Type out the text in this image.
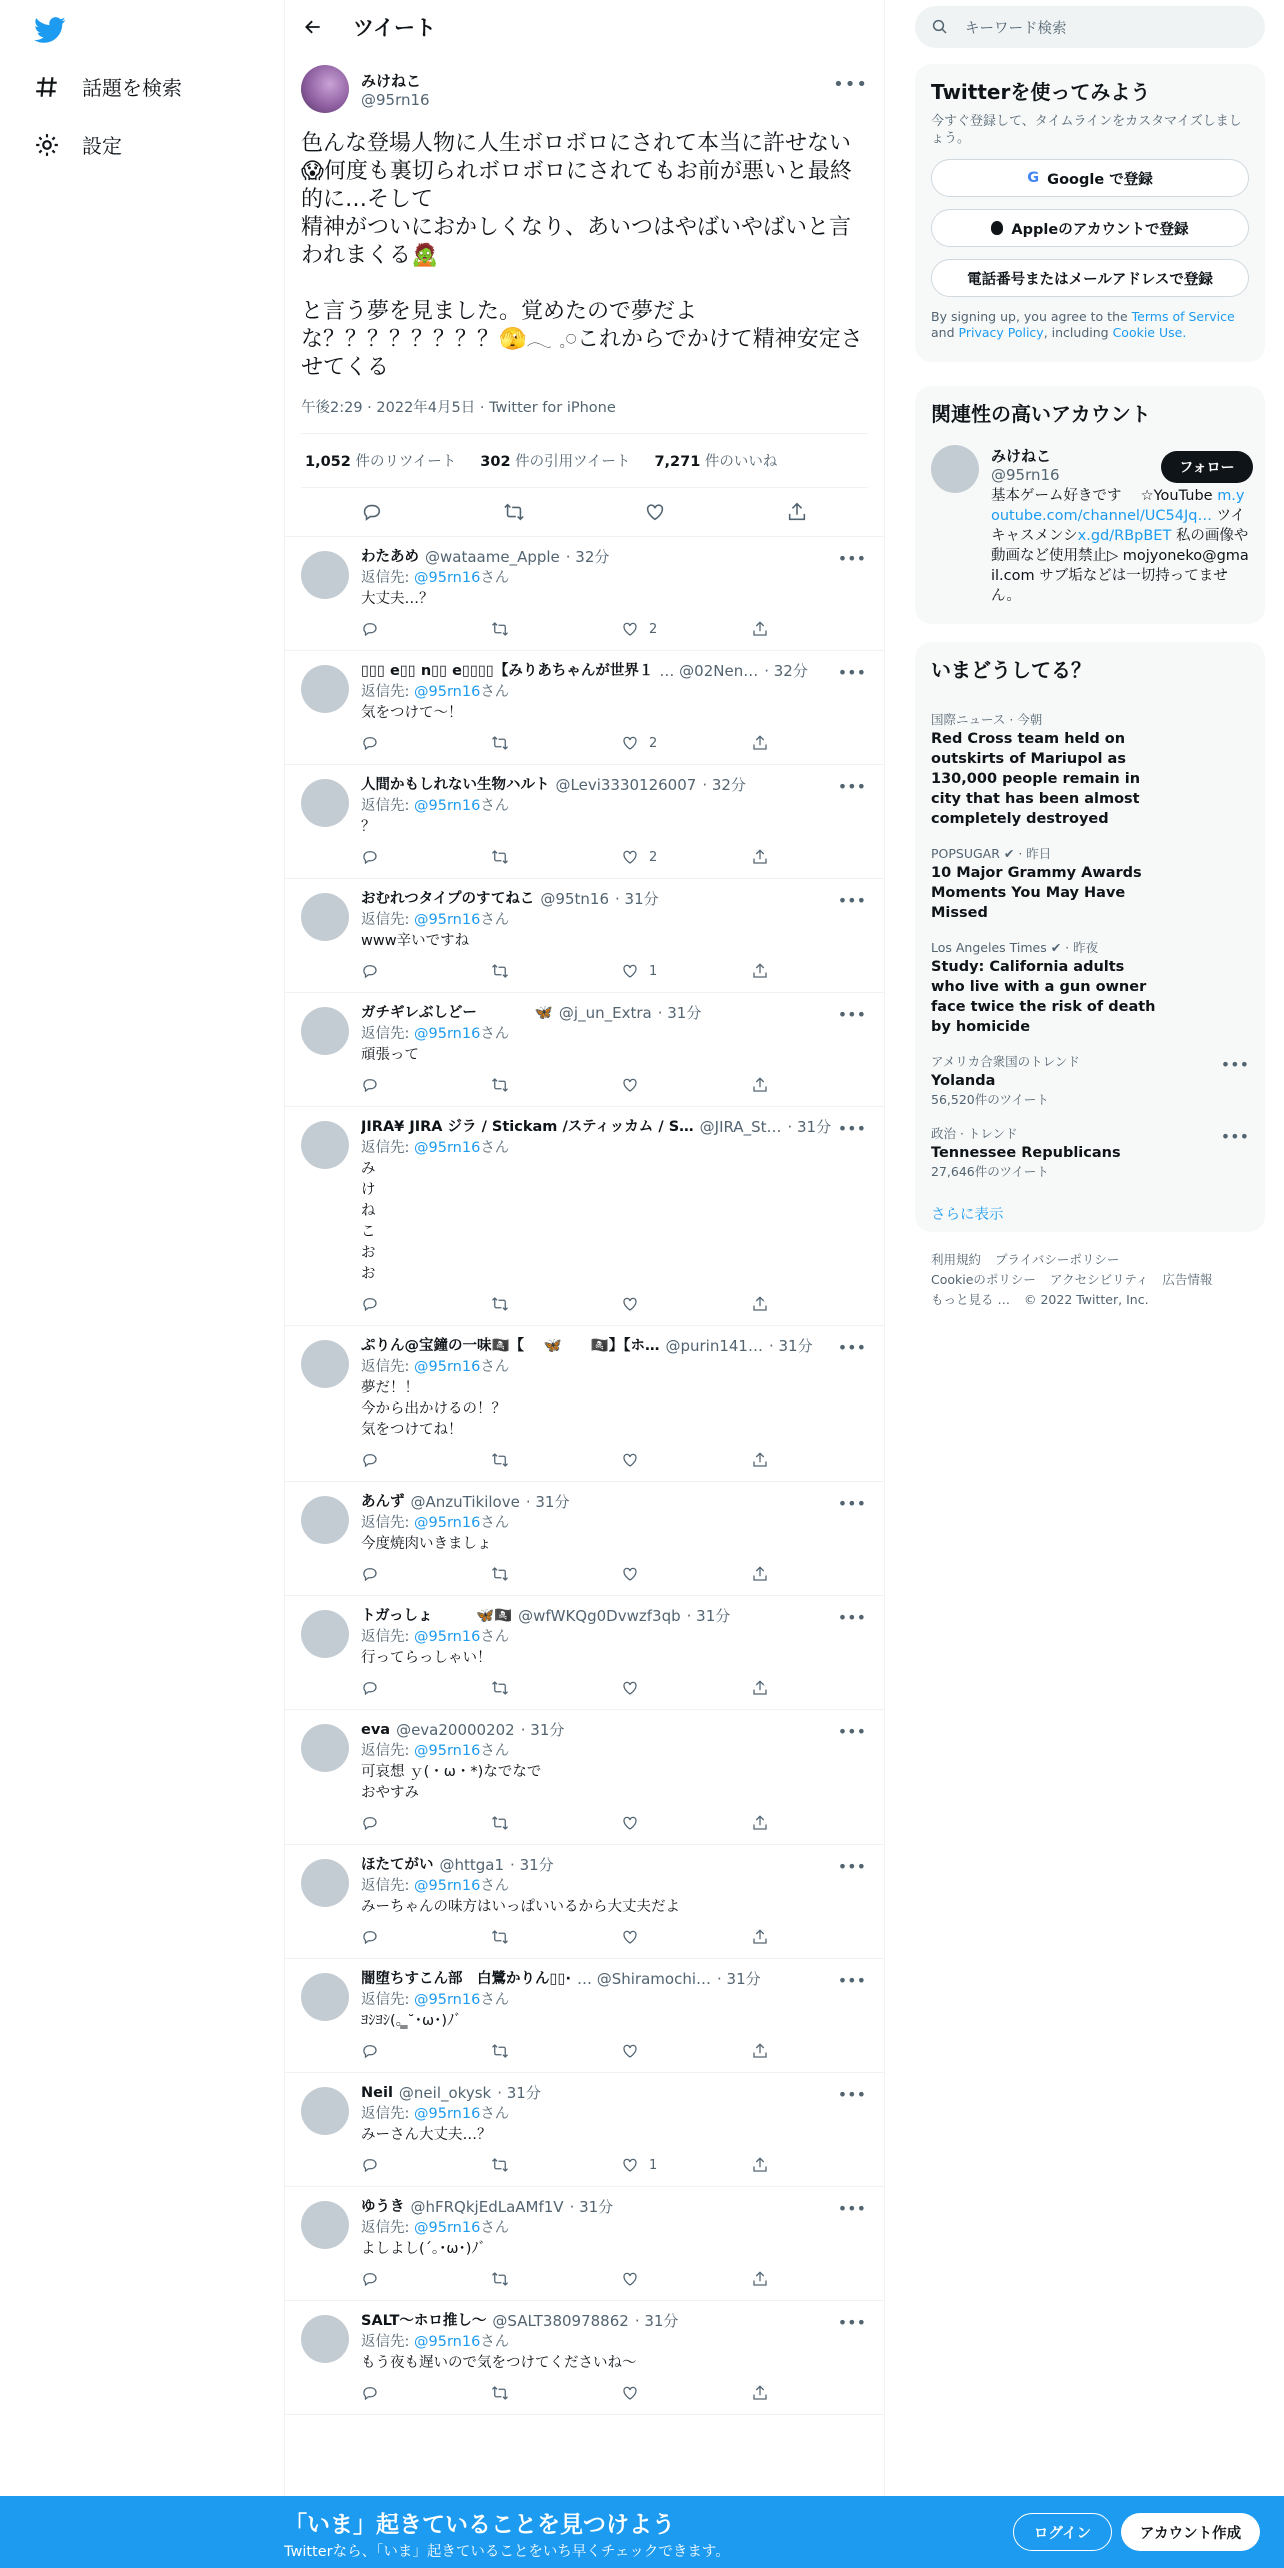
話題を検索
設定
ツイート
みけねこ
@95rn16
•••
色んな登場人物に人生ボロボロにされて本当に許せない😱何度も裏切られボロボロにされてもお前が悪いと最終的に…そして
精神がついにおかしくなり、あいつはやばいやばいと言われまくる🧟

と言う夢を見ました。覚めたので夢だよな？？？？？？？？🫣𓂃 𓈒𓏸これからでかけて精神安定させてくる
午後2:29 · 2022年4月5日 · Twitter for iPhone
1,052 件のリツイート 302 件の引用ツイート 7,271 件のいいね
わたあめ @wataame_Apple · 32分
返信先: @95rn16さん
大丈夫…？
2
•••
▯▯▯ e▯▯ n▯▯ e▯▯▯▯【みりあちゃんが世界１ … @02Nen… · 32分
返信先: @95rn16さん
気をつけて〜！
2
•••
人間かもしれない生物ハルト @Levi3330126007 · 32分
返信先: @95rn16さん
？
2
•••
おむれつタイプのすてねこ @95tn16 · 31分
返信先: @95rn16さん
www辛いですね
1
•••
ガチギレぶしどー　　　　🦋 @j_un_Extra · 31分
返信先: @95rn16さん
頑張って
•••
JIRA¥ JIRA ジラ / Stickam /スティッカム / S… @JIRA_St… · 31分
返信先: @95rn16さん
み
け
ね
こ
お
お
•••
ぷりん@宝鐘の一味🏴‍☠️【　 🦋　　🏴‍☠️】【ホ… @purin141… · 31分
返信先: @95rn16さん
夢だ！！
今から出かけるの！？
気をつけてね！
•••
あんず @AnzuTikilove · 31分
返信先: @95rn16さん
今度焼肉いきましょ
•••
トガっしょ　　　🦋🏴‍☠️ @wfWKQg0Dvwzf3qb · 31分
返信先: @95rn16さん
行ってらっしゃい！
•••
eva @eva20000202 · 31分
返信先: @95rn16さん
可哀想 ｙ(・ω・*)なでなで
おやすみ
•••
ほたてがい @httga1 · 31分
返信先: @95rn16さん
みーちゃんの味方はいっぱいいるから大丈夫だよ
•••
闇堕ちすこん部　白鷺かりん▯▯· … @Shiramochi… · 31分
返信先: @95rn16さん
ﾖｼﾖｼ(｡ ̳˘･ω･)ﾉﾞ
•••
Neil @neil_okysk · 31分
返信先: @95rn16さん
みーさん大丈夫…？
1
•••
ゆうき @hFRQkjEdLaAMf1V · 31分
返信先: @95rn16さん
よしよし(´｡･ω･)ﾉﾞ
•••
SALT〜ホロ推し〜 @SALT380978862 · 31分
返信先: @95rn16さん
もう夜も遅いので気をつけてくださいね〜
•••
キーワード検索
Twitterを使ってみよう
今すぐ登録して、タイムラインをカスタマイズしましょう。
G Google で登録
Appleのアカウントで登録
電話番号またはメールアドレスで登録
By signing up, you agree to the Terms of Service and Privacy Policy, including Cookie Use.
関連性の高いアカウント
みけねこ
@95rn16
基本ゲーム好きです　 ☆YouTube m.youtube.com/channel/UC54Jq… ツイキャスメンシx.gd/RBpBET 私の画像や動画など使用禁止▷ mojyoneko@gmail.com サブ垢などは一切持ってません。
フォロー
いまどうしてる？
国際ニュース · 今朝
Red Cross team held on outskirts of Mariupol as 130,000 people remain in city that has been almost completely destroyed
POPSUGAR ✔ · 昨日
10 Major Grammy Awards Moments You May Have Missed
Los Angeles Times ✔ · 昨夜
Study: California adults who live with a gun owner face twice the risk of death by homicide
アメリカ合衆国のトレンド
Yolanda
56,520件のツイート
•••
政治 · トレンド
Tennessee Republicans
27,646件のツイート
•••
さらに表示
利用規約 プライバシーポリシー
Cookieのポリシー アクセシビリティ 広告情報
もっと見る … © 2022 Twitter, Inc.
「いま」起きていることを見つけよう
Twitterなら、「いま」起きていることをいち早くチェックできます。
ログイン	アカウント作成
